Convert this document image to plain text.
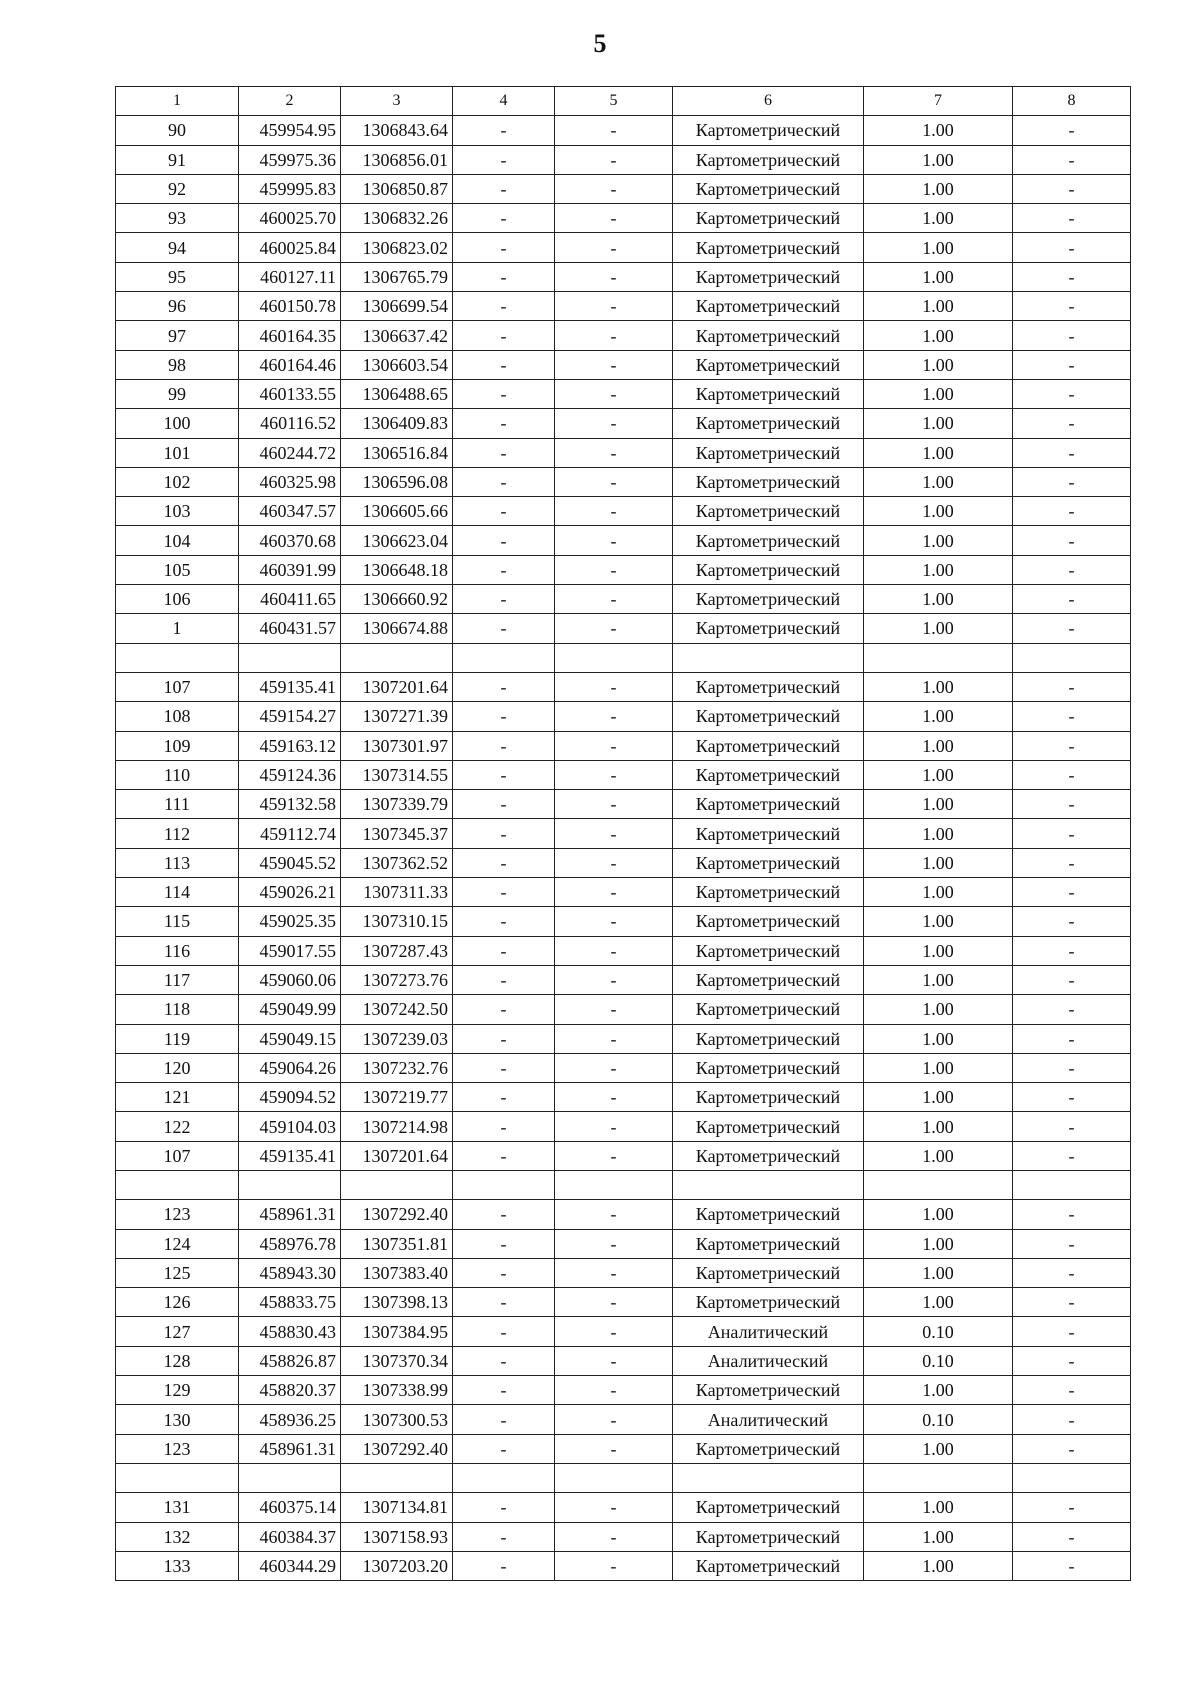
5
1	2	3	4	5	6	7	8
90	459954.95	1306843.64	-	-	Картометрический	1.00	-
91	459975.36	1306856.01	-	-	Картометрический	1.00	-
92	459995.83	1306850.87	-	-	Картометрический	1.00	-
93	460025.70	1306832.26	-	-	Картометрический	1.00	-
94	460025.84	1306823.02	-	-	Картометрический	1.00	-
95	460127.11	1306765.79	-	-	Картометрический	1.00	-
96	460150.78	1306699.54	-	-	Картометрический	1.00	-
97	460164.35	1306637.42	-	-	Картометрический	1.00	-
98	460164.46	1306603.54	-	-	Картометрический	1.00	-
99	460133.55	1306488.65	-	-	Картометрический	1.00	-
100	460116.52	1306409.83	-	-	Картометрический	1.00	-
101	460244.72	1306516.84	-	-	Картометрический	1.00	-
102	460325.98	1306596.08	-	-	Картометрический	1.00	-
103	460347.57	1306605.66	-	-	Картометрический	1.00	-
104	460370.68	1306623.04	-	-	Картометрический	1.00	-
105	460391.99	1306648.18	-	-	Картометрический	1.00	-
106	460411.65	1306660.92	-	-	Картометрический	1.00	-
1	460431.57	1306674.88	-	-	Картометрический	1.00	-

107	459135.41	1307201.64	-	-	Картометрический	1.00	-
108	459154.27	1307271.39	-	-	Картометрический	1.00	-
109	459163.12	1307301.97	-	-	Картометрический	1.00	-
110	459124.36	1307314.55	-	-	Картометрический	1.00	-
111	459132.58	1307339.79	-	-	Картометрический	1.00	-
112	459112.74	1307345.37	-	-	Картометрический	1.00	-
113	459045.52	1307362.52	-	-	Картометрический	1.00	-
114	459026.21	1307311.33	-	-	Картометрический	1.00	-
115	459025.35	1307310.15	-	-	Картометрический	1.00	-
116	459017.55	1307287.43	-	-	Картометрический	1.00	-
117	459060.06	1307273.76	-	-	Картометрический	1.00	-
118	459049.99	1307242.50	-	-	Картометрический	1.00	-
119	459049.15	1307239.03	-	-	Картометрический	1.00	-
120	459064.26	1307232.76	-	-	Картометрический	1.00	-
121	459094.52	1307219.77	-	-	Картометрический	1.00	-
122	459104.03	1307214.98	-	-	Картометрический	1.00	-
107	459135.41	1307201.64	-	-	Картометрический	1.00	-

123	458961.31	1307292.40	-	-	Картометрический	1.00	-
124	458976.78	1307351.81	-	-	Картометрический	1.00	-
125	458943.30	1307383.40	-	-	Картометрический	1.00	-
126	458833.75	1307398.13	-	-	Картометрический	1.00	-
127	458830.43	1307384.95	-	-	Аналитический	0.10	-
128	458826.87	1307370.34	-	-	Аналитический	0.10	-
129	458820.37	1307338.99	-	-	Картометрический	1.00	-
130	458936.25	1307300.53	-	-	Аналитический	0.10	-
123	458961.31	1307292.40	-	-	Картометрический	1.00	-

131	460375.14	1307134.81	-	-	Картометрический	1.00	-
132	460384.37	1307158.93	-	-	Картометрический	1.00	-
133	460344.29	1307203.20	-	-	Картометрический	1.00	-
